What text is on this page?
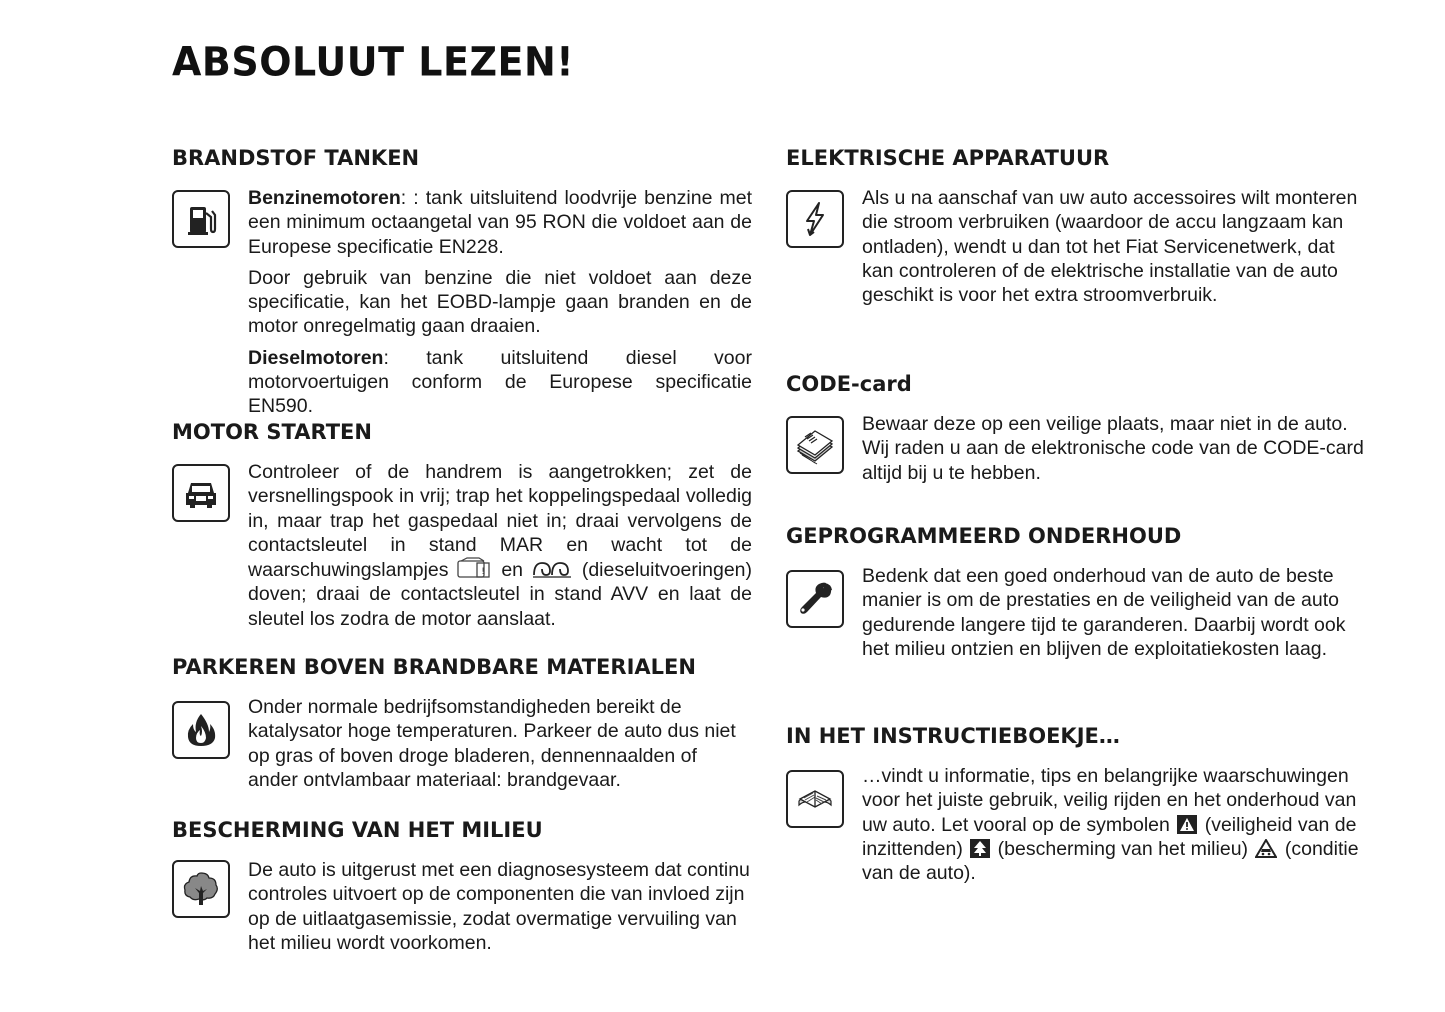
ABSOLUUT LEZEN!
BRANDSTOF TANKEN

Benzinemotoren: : tank uitsluitend loodvrije benzine met een minimum octaangetal van 95 RON die voldoet aan de Europese specificatie EN228.

Door gebruik van benzine die niet voldoet aan deze specificatie, kan het EOBD-lampje gaan branden en de motor onregelmatig gaan draaien.

Dieselmotoren: tank uitsluitend diesel voor motorvoertuigen conform de Europese specificatie EN590.

MOTOR STARTEN

Controleer of de handrem is aangetrokken; zet de versnellingspook in vrij; trap het koppelingspedaal volledig in, maar trap het gaspedaal niet in; draai vervolgens de contactsleutel in stand MAR en wacht tot de waarschuwingslampjes	! en	(dieseluitvoeringen) doven; draai de contactsleutel in stand AVV en laat de sleutel los zodra de motor aanslaat.

PARKEREN BOVEN BRANDBARE MATERIALEN

Onder normale bedrijfsomstandigheden bereikt de katalysator hoge temperaturen. Parkeer de auto dus niet op gras of boven droge bladeren, dennennaalden of ander ontvlambaar materiaal: brandgevaar.

BESCHERMING VAN HET MILIEU

De auto is uitgerust met een diagnosesysteem dat continu controles uitvoert op de componenten die van invloed zijn op de uitlaatgasemissie, zodat overmatige vervuiling van het milieu wordt voorkomen.

ELEKTRISCHE APPARATUUR

Als u na aanschaf van uw auto accessoires wilt monteren die stroom verbruiken (waardoor de accu langzaam kan ontladen), wendt u dan tot het Fiat Servicenetwerk, dat kan controleren of de elektrische installatie van de auto geschikt is voor het extra stroomverbruik.

CODE-card

Bewaar deze op een veilige plaats, maar niet in de auto. Wij raden u aan de elektronische code van de CODE-card altijd bij u te hebben.

GEPROGRAMMEERD ONDERHOUD

Bedenk dat een goed onderhoud van de auto de beste manier is om de prestaties en de veiligheid van de auto gedurende langere tijd te garanderen. Daarbij wordt ook het milieu ontzien en blijven de exploitatiekosten laag.

IN HET INSTRUCTIEBOEKJE…

…vindt u informatie, tips en belangrijke waarschuwingen voor het juiste gebruik, veilig rijden en het onderhoud van uw auto. Let vooral op de symbolen (veiligheid van de inzittenden) (bescherming van het milieu) (conditie van de auto).
